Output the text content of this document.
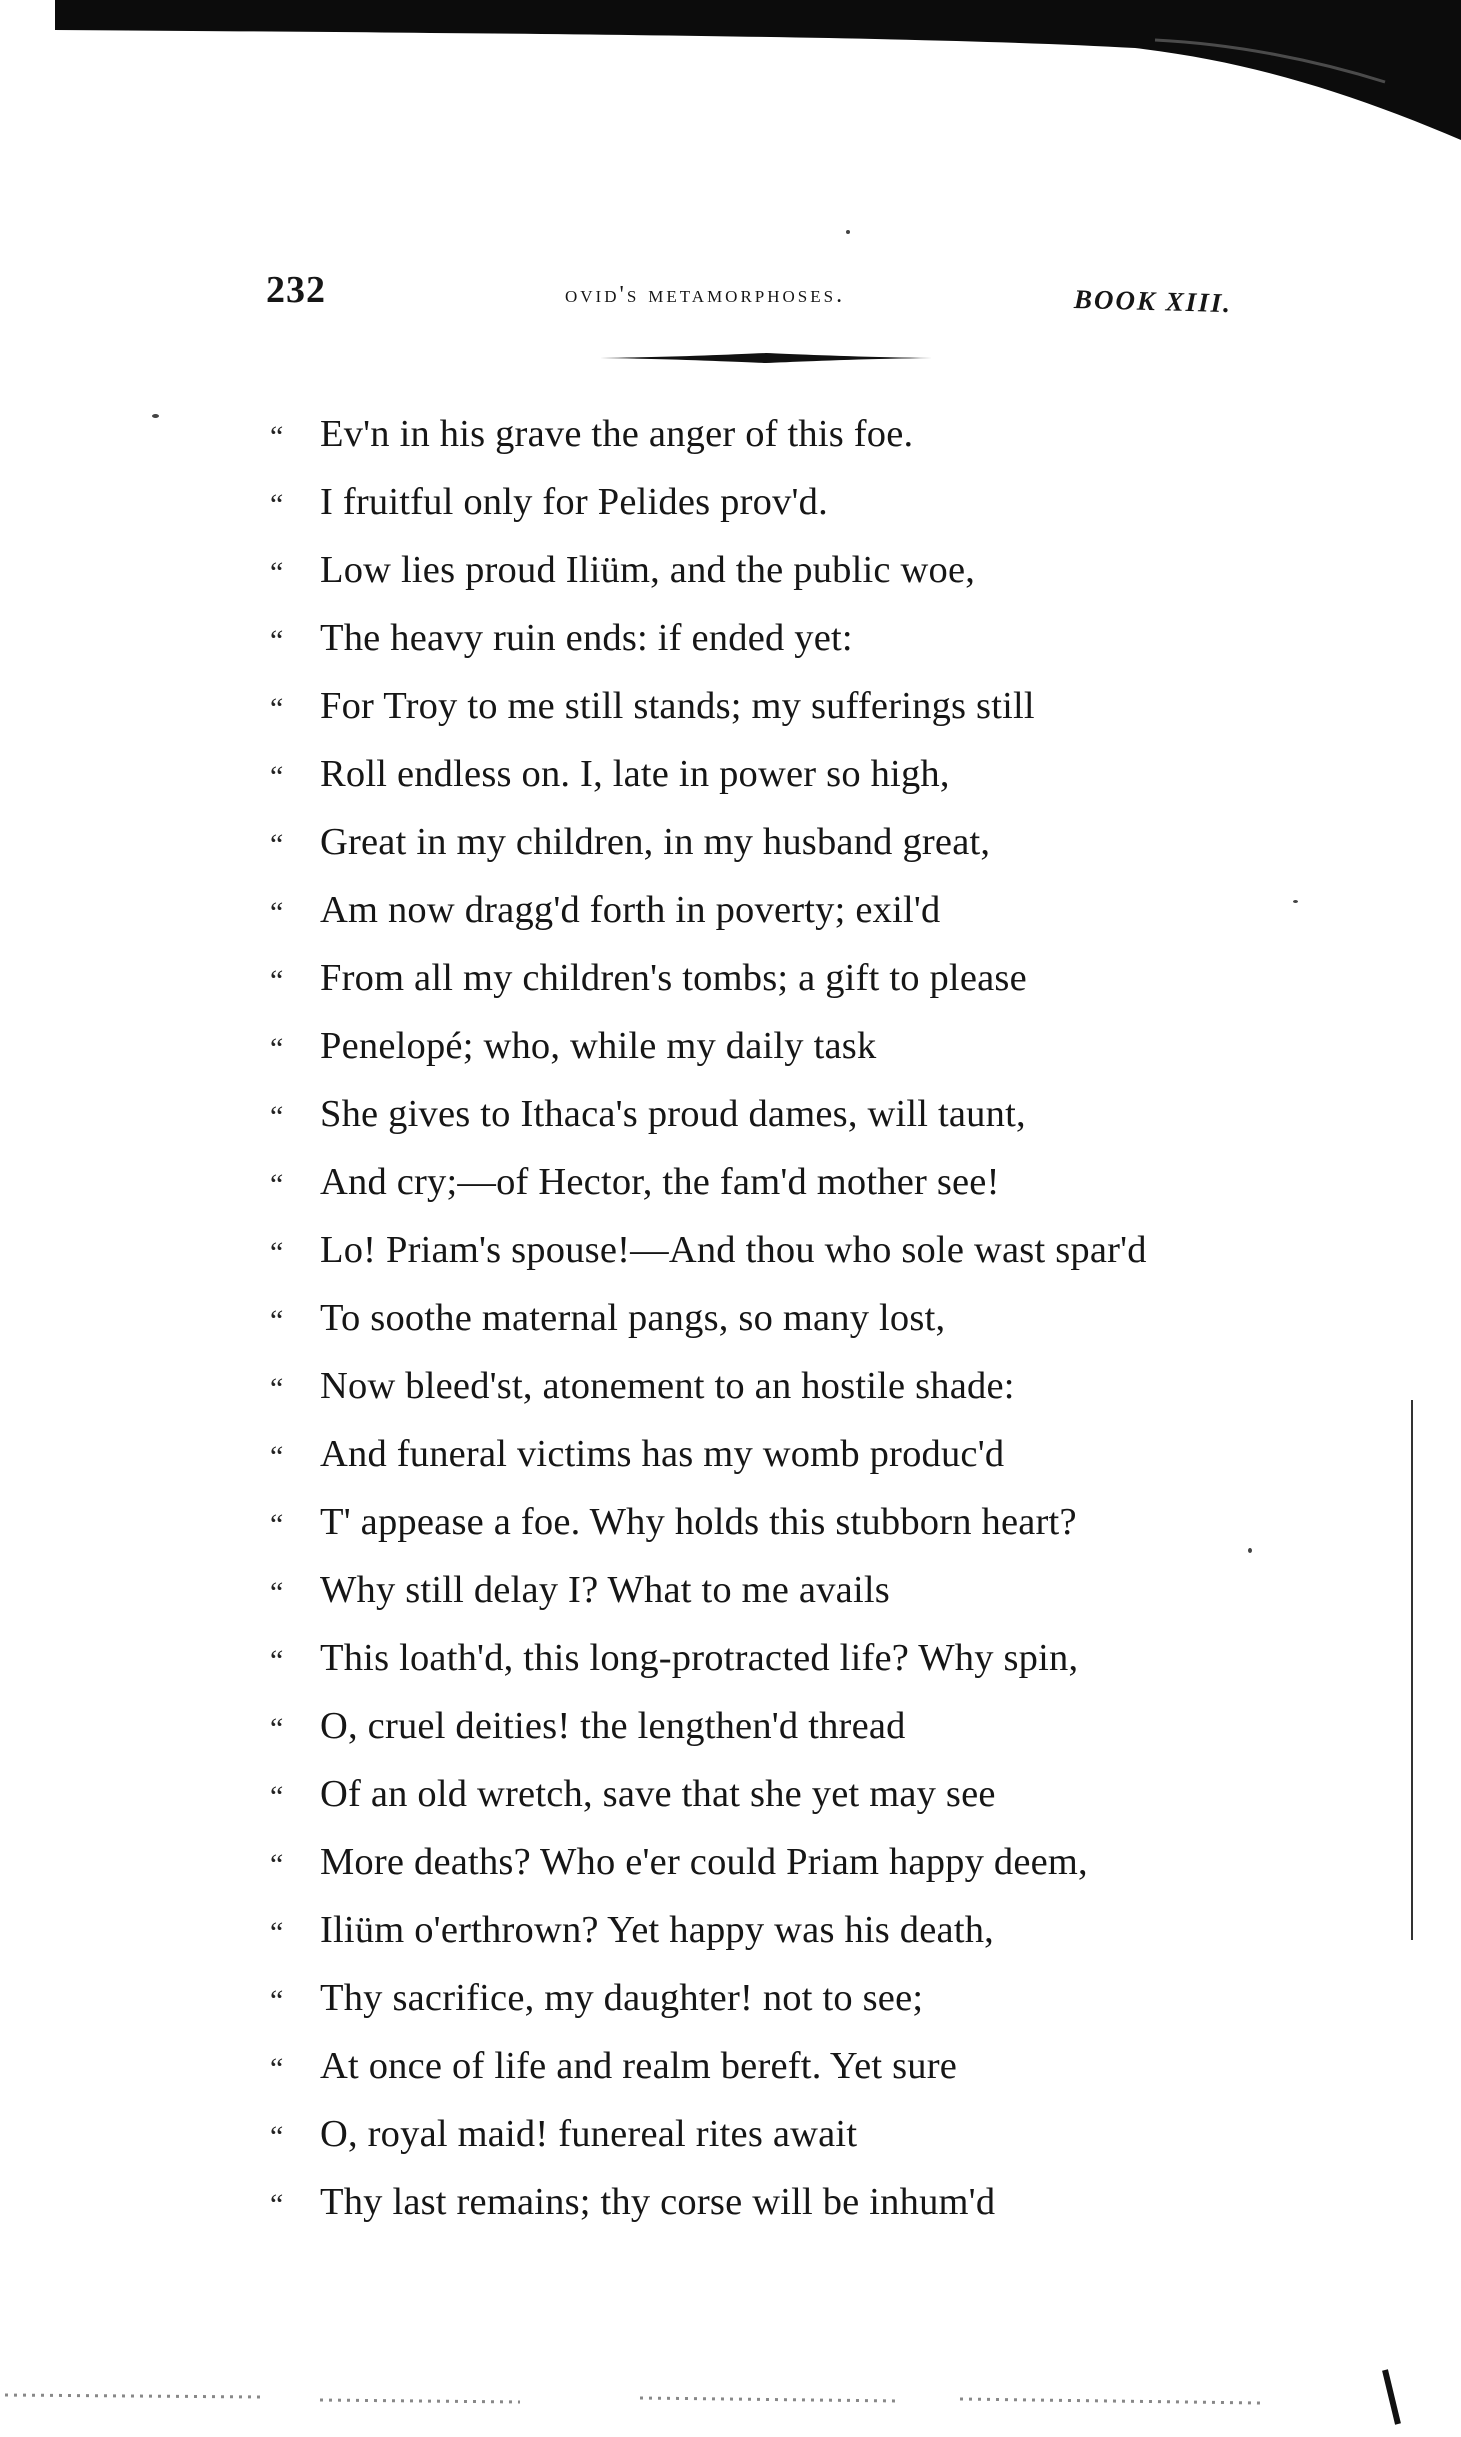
232	ovid's metamorphoses.	BOOK XIII.
“ Ev'n in his grave the anger of this foe.
“ I fruitful only for Pelides prov'd.
“ Low lies proud Iliüm, and the public woe,
“ The heavy ruin ends: if ended yet:
“ For Troy to me still stands; my sufferings still
“ Roll endless on. I, late in power so high,
“ Great in my children, in my husband great,
“ Am now dragg'd forth in poverty; exil'd
“ From all my children's tombs; a gift to please
“ Penelopé; who, while my daily task
“ She gives to Ithaca's proud dames, will taunt,
“ And cry;—of Hector, the fam'd mother see!
“ Lo! Priam's spouse!—And thou who sole wast spar'd
“ To soothe maternal pangs, so many lost,
“ Now bleed'st, atonement to an hostile shade:
“ And funeral victims has my womb produc'd
“ T' appease a foe. Why holds this stubborn heart?
“ Why still delay I? What to me avails
“ This loath'd, this long-protracted life? Why spin,
“ O, cruel deities! the lengthen'd thread
“ Of an old wretch, save that she yet may see
“ More deaths? Who e'er could Priam happy deem,
“ Iliüm o'erthrown? Yet happy was his death,
“ Thy sacrifice, my daughter! not to see;
“ At once of life and realm bereft. Yet sure
“ O, royal maid! funereal rites await
“ Thy last remains; thy corse will be inhum'd
